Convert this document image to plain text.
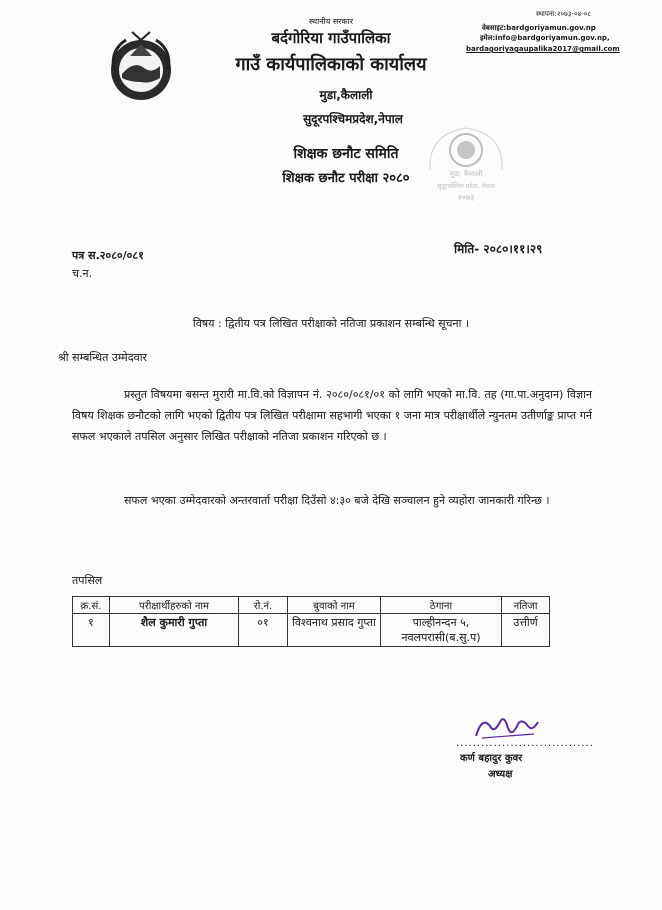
स्थानीय सरकार
बर्दगोरिया गाउँपालिका
गाउँ कार्यपालिकाको कार्यालय
मुडा,कैलाली
सुदूरपश्चिमप्रदेश,नेपाल
शिक्षक छनौट समिति
शिक्षक छनौट परीक्षा २०८०
स्थापना:२०७३-०४-०८
वेबसाइट:bardgoriyamun.gov.np
इमेल:info@bardgoriyamun.gov.np,
bardagoriyagaupalika2017@gmail.com
मुडा, कैलाली
सुदूरपश्चिम प्रदेश, नेपाल
२०७३
पत्र स.२०८०/०८१
च.न.
मिति- २०८०।११।२९
विषय : द्वितीय पत्र लिखित परीक्षाको नतिजा प्रकाशन सम्बन्धि सूचना ।
श्री सम्बन्धित उम्मेदवार
प्रस्तुत विषयमा बसन्त मुरारी मा.वि.को विज्ञापन नं. २०८०/०८१/०१ को लागि भएको मा.वि. तह (गा.पा.अनुदान) विज्ञान विषय शिक्षक छनौटको लागि भएको द्वितीय पत्र लिखित परीक्षामा सहभागी भएका १ जना मात्र परीक्षार्थीले न्युनतम उतीर्णाङ्क प्राप्त गर्न सफल भएकाले तपसिल अनुसार लिखित परीक्षाको नतिजा प्रकाशन गरिएको छ ।
सफल भएका उम्मेदवारको अन्तरवार्ता परीक्षा दिउँसो ४:३० बजे देखि सञ्चालन हुने व्यहोरा जानकारी गरिन्छ ।
तपसिल
क्र.सं.	परीक्षार्थीहरुको नाम	रो.नं.	बुवाको नाम	ठेगाना	नतिजा
१	शैल कुमारी गुप्ता	०१	विश्वनाथ प्रसाद गुप्ता	पाल्हीनन्दन ५, नवलपरासी(ब.सु.प)	उत्तीर्ण
.................................
कर्ण बहादुर कुवर
अध्यक्ष
